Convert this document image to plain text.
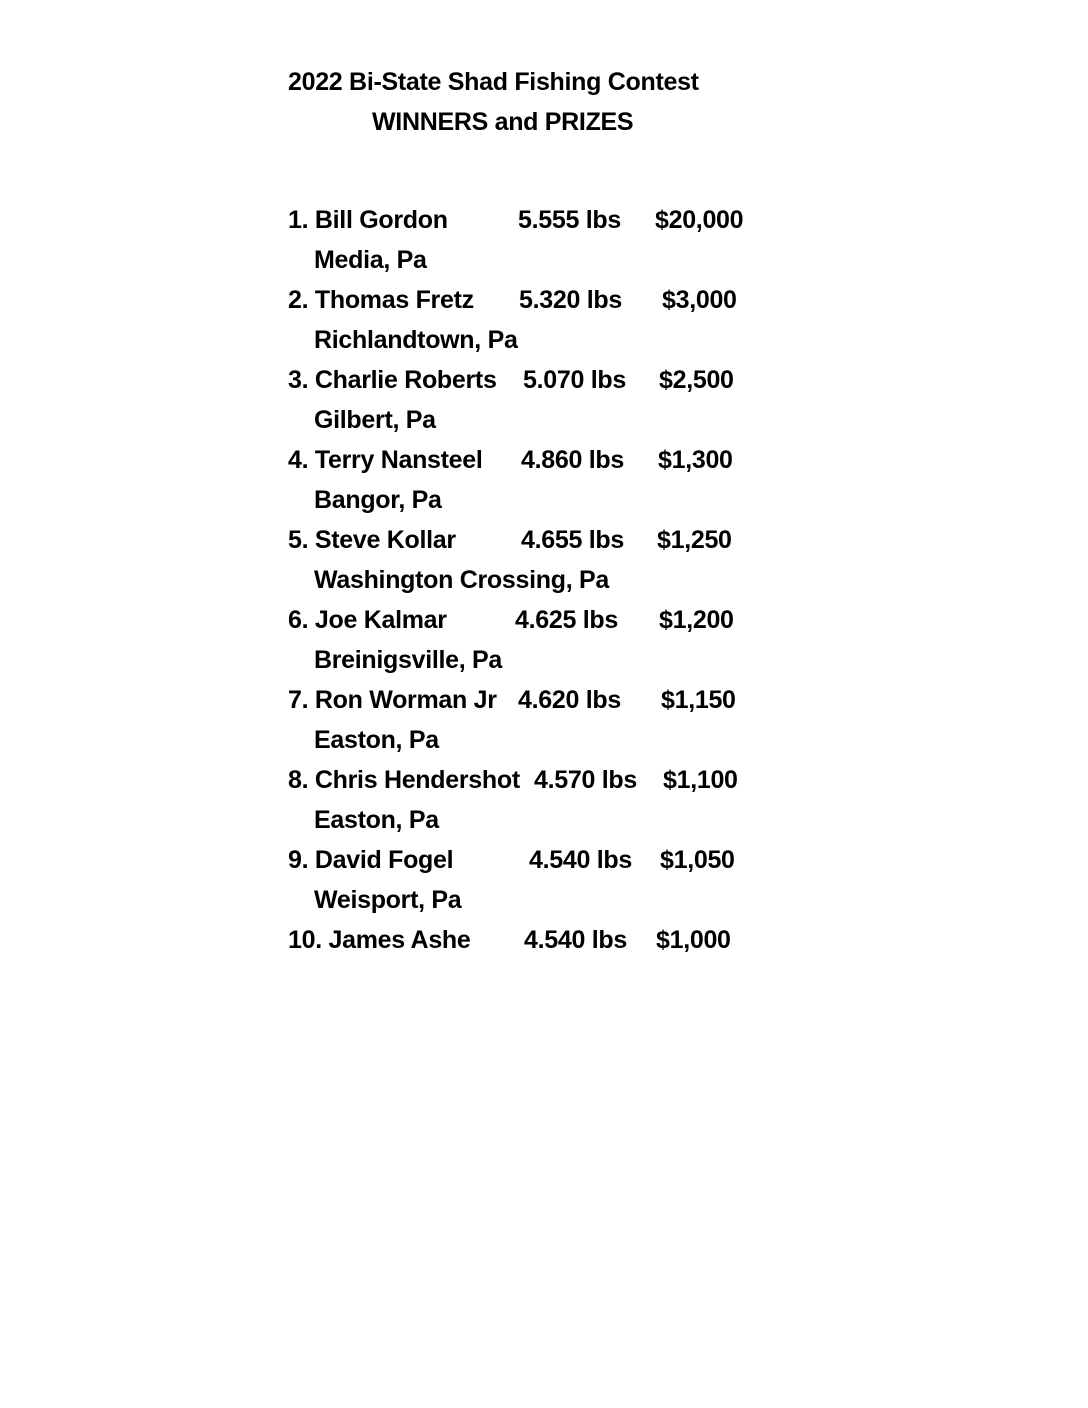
2022 Bi-State Shad Fishing Contest
WINNERS and PRIZES
1. Bill Gordon	5.555 lbs $20,000
Media, Pa
2. Thomas Fretz 5.320 lbs $3,000
Richlandtown, Pa
3. Charlie Roberts 5.070 lbs $2,500
Gilbert, Pa
4. Terry Nansteel 4.860 lbs $1,300
Bangor, Pa
5. Steve Kollar	4.655 lbs $1,250
Washington Crossing, Pa
6. Joe Kalmar	4.625 lbs $1,200
Breinigsville, Pa
7. Ron Worman Jr 4.620 lbs $1,150
Easton, Pa
8. Chris Hendershot 4.570 lbs $1,100
Easton, Pa
9. David Fogel	4.540 lbs $1,050
Weisport, Pa
10. James Ashe 4.540 lbs $1,000
